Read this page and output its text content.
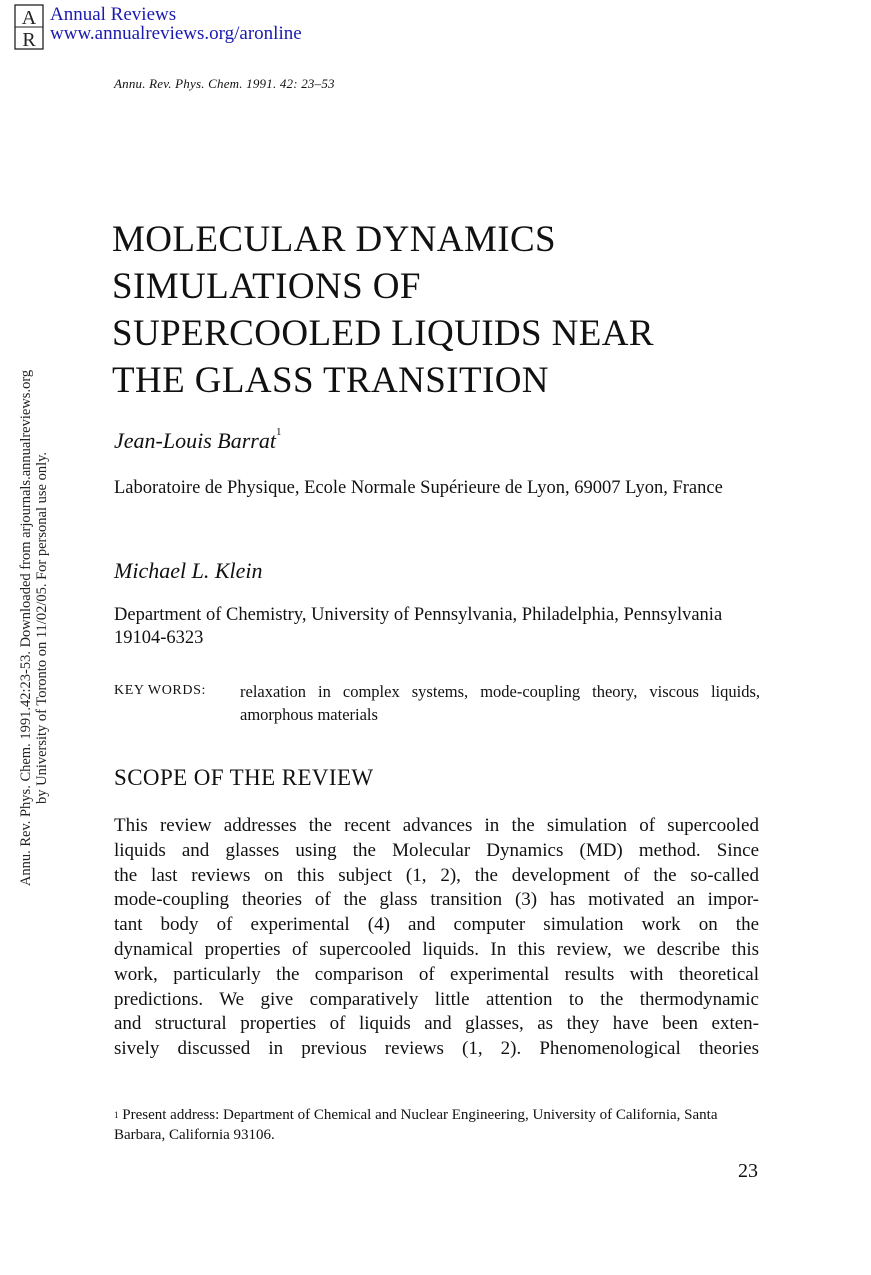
A
R
Annual Reviews
www.annualreviews.org/aronline
Annu. Rev. Phys. Chem. 1991. 42: 23–53
Annu. Rev. Phys. Chem. 1991.42:23-53. Downloaded from arjournals.annualreviews.org by University of Toronto on 11/02/05. For personal use only.
MOLECULAR DYNAMICS
SIMULATIONS OF
SUPERCOOLED LIQUIDS NEAR
THE GLASS TRANSITION
Jean-Louis Barrat$^1$
Laboratoire de Physique, Ecole Normale Supérieure de Lyon, 69007 Lyon, France
Michael L. Klein
Department of Chemistry, University of Pennsylvania, Philadelphia, Pennsylvania 19104-6323
KEY WORDS: relaxation in complex systems, mode-coupling theory, viscous liquids, amorphous materials
SCOPE OF THE REVIEW
This review addresses the recent advances in the simulation of supercooled
liquids and glasses using the Molecular Dynamics (MD) method. Since
the last reviews on this subject (1, 2), the development of the so-called
mode-coupling theories of the glass transition (3) has motivated an impor-
tant body of experimental (4) and computer simulation work on the
dynamical properties of supercooled liquids. In this review, we describe this
work, particularly the comparison of experimental results with theoretical
predictions. We give comparatively little attention to the thermodynamic
and structural properties of liquids and glasses, as they have been exten-
sively discussed in previous reviews (1, 2). Phenomenological theories
$^1$ Present address: Department of Chemical and Nuclear Engineering, University of California, Santa Barbara, California 93106.
23
